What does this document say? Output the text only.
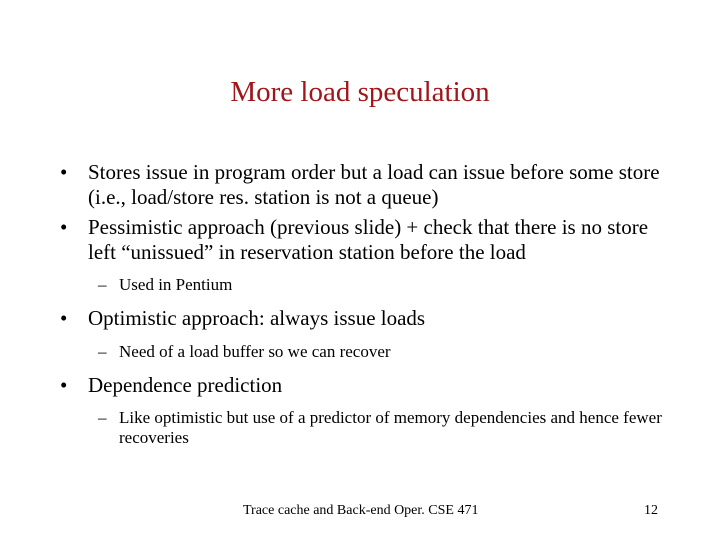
More load speculation
• Stores issue in program order but a load can issue before some store (i.e., load/store res. station is not a queue)
• Pessimistic approach (previous slide) + check that there is no store left “unissued” in reservation station before the load
– Used in Pentium
• Optimistic approach: always issue loads
– Need of a load buffer so we can recover
• Dependence prediction
– Like optimistic but use of a predictor of memory dependencies and hence fewer recoveries
Trace cache and Back-end Oper. CSE 471	12
